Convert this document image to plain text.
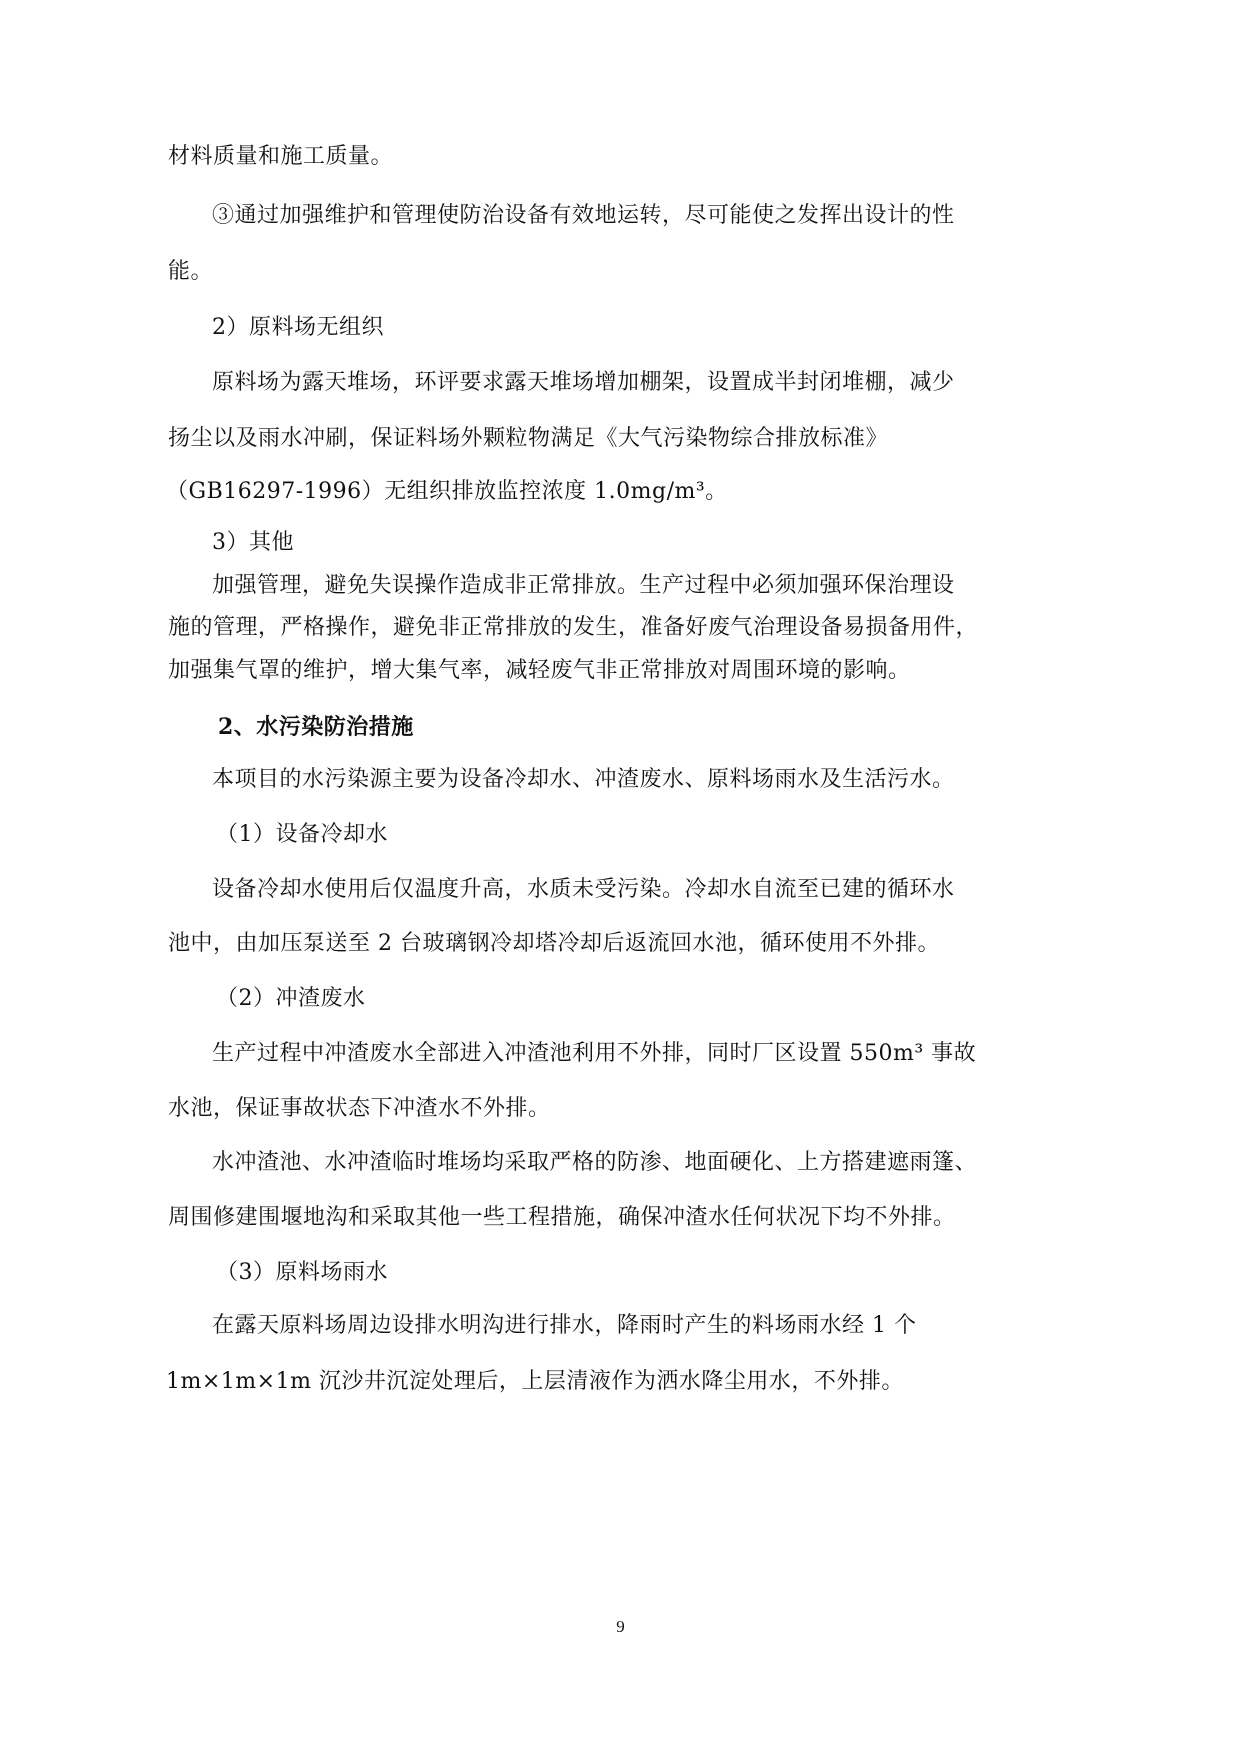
材料质量和施工质量。
③通过加强维护和管理使防治设备有效地运转，尽可能使之发挥出设计的性
能。
2）原料场无组织
原料场为露天堆场，环评要求露天堆场增加棚架，设置成半封闭堆棚，减少
扬尘以及雨水冲刷，保证料场外颗粒物满足《大气污染物综合排放标准》
（GB16297-1996）无组织排放监控浓度 1.0mg/m³。
3）其他
加强管理，避免失误操作造成非正常排放。生产过程中必须加强环保治理设
施的管理，严格操作，避免非正常排放的发生，准备好废气治理设备易损备用件，
加强集气罩的维护，增大集气率，减轻废气非正常排放对周围环境的影响。
2、水污染防治措施
本项目的水污染源主要为设备冷却水、冲渣废水、原料场雨水及生活污水。
（1）设备冷却水
设备冷却水使用后仅温度升高，水质未受污染。冷却水自流至已建的循环水
池中，由加压泵送至 2 台玻璃钢冷却塔冷却后返流回水池，循环使用不外排。
（2）冲渣废水
生产过程中冲渣废水全部进入冲渣池利用不外排，同时厂区设置 550m³ 事故
水池，保证事故状态下冲渣水不外排。
水冲渣池、水冲渣临时堆场均采取严格的防渗、地面硬化、上方搭建遮雨篷、
周围修建围堰地沟和采取其他一些工程措施，确保冲渣水任何状况下均不外排。
（3）原料场雨水
在露天原料场周边设排水明沟进行排水，降雨时产生的料场雨水经 1 个
1m×1m×1m 沉沙井沉淀处理后，上层清液作为洒水降尘用水，不外排。
9
